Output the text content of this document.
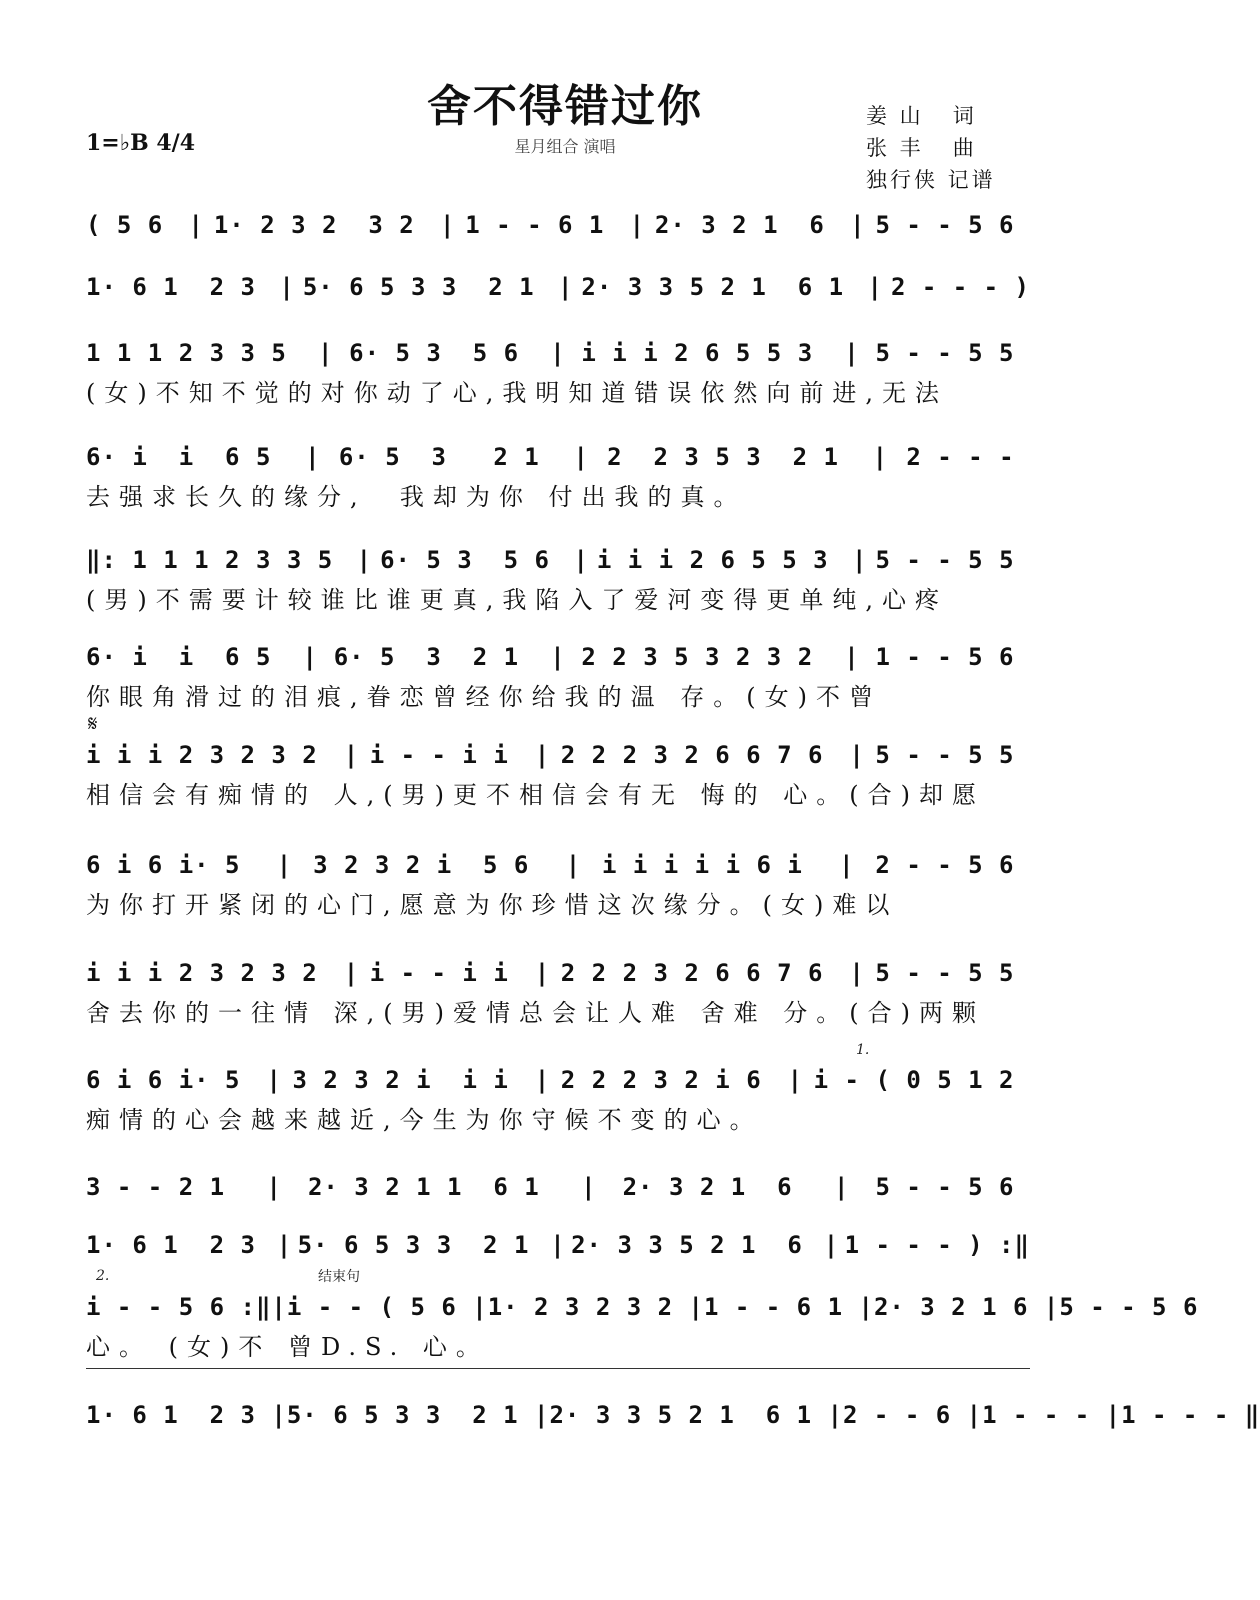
舍不得错过你
星月组合 演唱
1=♭B 4/4
姜 山   词
张 丰   曲
独行侠 记谱
𝄋
1.
2.	结束句
( 5 6 | 1· 2 3 2  3 2 | 1 - - 6 1 | 2· 3 2 1  6 | 5 - - 5 6
1· 6 1  2 3 | 5· 6 5 3 3  2 1 | 2· 3 3 5 2 1  6 1 | 2 - - - )
1 1 1 2 3 3 5 | 6· 5 3  5 6 | i i i 2 6 5 5 3 | 5 - - 5 5
(女)不知不觉的对你动了心,我明知道错误依然向前进,无法
6· i  i  6 5 | 6· 5  3   2 1 | 2  2 3 5 3  2 1 | 2 - - -
去强求长久的缘分,  我却为你 付出我的真。
‖: 1 1 1 2 3 3 5 | 6· 5 3  5 6 | i i i 2 6 5 5 3 | 5 - - 5 5
(男)不需要计较谁比谁更真,我陷入了爱河变得更单纯,心疼
6· i  i  6 5 | 6· 5  3  2 1 | 2 2 3 5 3 2 3 2 | 1 - - 5 6
你眼角滑过的泪痕,眷恋曾经你给我的温 存。(女)不曾
i i i 2 3 2 3 2 | i - - i i | 2 2 2 3 2 6 6 7 6 | 5 - - 5 5
相信会有痴情的 人,(男)更不相信会有无 悔的 心。(合)却愿
6 i 6 i· 5 | 3 2 3 2 i  5 6 | i i i i i 6 i | 2 - - 5 6
为你打开紧闭的心门,愿意为你珍惜这次缘分。(女)难以
i i i 2 3 2 3 2 | i - - i i | 2 2 2 3 2 6 6 7 6 | 5 - - 5 5
舍去你的一往情 深,(男)爱情总会让人难 舍难 分。(合)两颗
6 i 6 i· 5 | 3 2 3 2 i  i i | 2 2 2 3 2 i 6 | i - ( 0 5 1 2
痴情的心会越来越近,今生为你守候不变的心。
3 - - 2 1 | 2· 3 2 1 1  6 1 | 2· 3 2 1  6 | 5 - - 5 6
1· 6 1  2 3 | 5· 6 5 3 3  2 1 | 2· 3 3 5 2 1  6 | 1 - - - ) :‖
i - - 5 6 :‖ | i - - ( 5 6 | 1· 2 3 2 3 2 | 1 - - 6 1 | 2· 3 2 1 6 | 5 - - 5 6
心。 (女)不 曾D.S. 心。
1· 6 1  2 3 | 5· 6 5 3 3  2 1 | 2· 3 3 5 2 1  6 1 | 2 - - 6 | 1 - - - | 1 - - - ‖
